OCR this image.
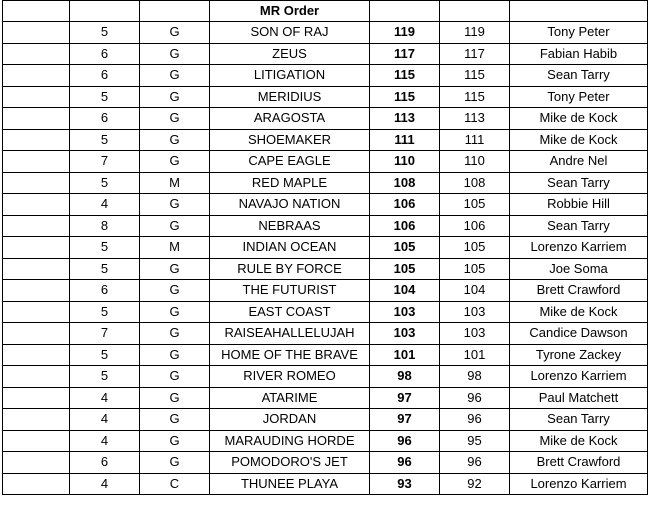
			MR Order			
	5	G	SON OF RAJ	119	119	Tony Peter
	6	G	ZEUS	117	117	Fabian Habib
	6	G	LITIGATION	115	115	Sean Tarry
	5	G	MERIDIUS	115	115	Tony Peter
	6	G	ARAGOSTA	113	113	Mike de Kock
	5	G	SHOEMAKER	111	111	Mike de Kock
	7	G	CAPE EAGLE	110	110	Andre Nel
	5	M	RED MAPLE	108	108	Sean Tarry
	4	G	NAVAJO NATION	106	105	Robbie Hill
	8	G	NEBRAAS	106	106	Sean Tarry
	5	M	INDIAN OCEAN	105	105	Lorenzo Karriem
	5	G	RULE BY FORCE	105	105	Joe Soma
	6	G	THE FUTURIST	104	104	Brett Crawford
	5	G	EAST COAST	103	103	Mike de Kock
	7	G	RAISEAHALLELUJAH	103	103	Candice Dawson
	5	G	HOME OF THE BRAVE	101	101	Tyrone Zackey
	5	G	RIVER ROMEO	98	98	Lorenzo Karriem
	4	G	ATARIME	97	96	Paul Matchett
	4	G	JORDAN	97	96	Sean Tarry
	4	G	MARAUDING HORDE	96	95	Mike de Kock
	6	G	POMODORO'S JET	96	96	Brett Crawford
	4	C	THUNEE PLAYA	93	92	Lorenzo Karriem
